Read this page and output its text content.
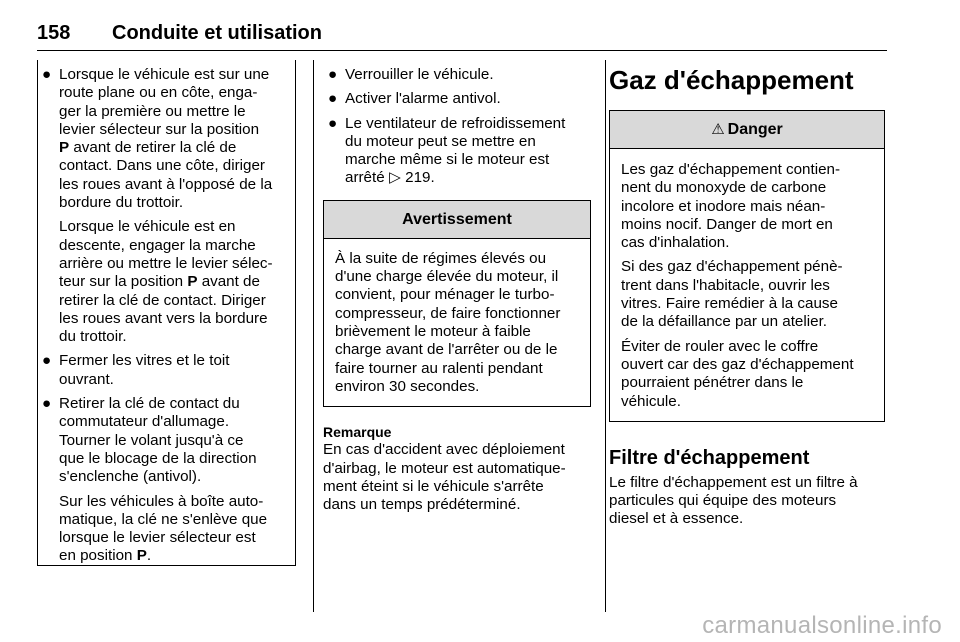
158 Conduite et utilisation
● Lorsque le véhicule est sur une
route plane ou en côte, enga-
ger la première ou mettre le
levier sélecteur sur la position
P avant de retirer la clé de
contact. Dans une côte, diriger
les roues avant à l'opposé de la
bordure du trottoir.
Lorsque le véhicule est en
descente, engager la marche
arrière ou mettre le levier sélec-
teur sur la position P avant de
retirer la clé de contact. Diriger
les roues avant vers la bordure
du trottoir.
● Fermer les vitres et le toit
ouvrant.
● Retirer la clé de contact du
commutateur d'allumage.
Tourner le volant jusqu'à ce
que le blocage de la direction
s'enclenche (antivol).
Sur les véhicules à boîte auto-
matique, la clé ne s'enlève que
lorsque le levier sélecteur est
en position P.
● Verrouiller le véhicule.
● Activer l'alarme antivol.
● Le ventilateur de refroidissement
du moteur peut se mettre en
marche même si le moteur est
arrêté ▷ 219.
Avertissement
À la suite de régimes élevés ou
d'une charge élevée du moteur, il
convient, pour ménager le turbo-
compresseur, de faire fonctionner
brièvement le moteur à faible
charge avant de l'arrêter ou de le
faire tourner au ralenti pendant
environ 30 secondes.
Remarque
En cas d'accident avec déploiement
d'airbag, le moteur est automatique-
ment éteint si le véhicule s'arrête
dans un temps prédéterminé.
Gaz d'échappement
⚠ Danger

Les gaz d'échappement contien-
nent du monoxyde de carbone
incolore et inodore mais néan-
moins nocif. Danger de mort en
cas d'inhalation.

Si des gaz d'échappement pénè-
trent dans l'habitacle, ouvrir les
vitres. Faire remédier à la cause
de la défaillance par un atelier.

Éviter de rouler avec le coffre
ouvert car des gaz d'échappement
pourraient pénétrer dans le
véhicule.

Filtre d'échappement
Le filtre d'échappement est un filtre à
particules qui équipe des moteurs
diesel et à essence.
carmanualsonline.info
